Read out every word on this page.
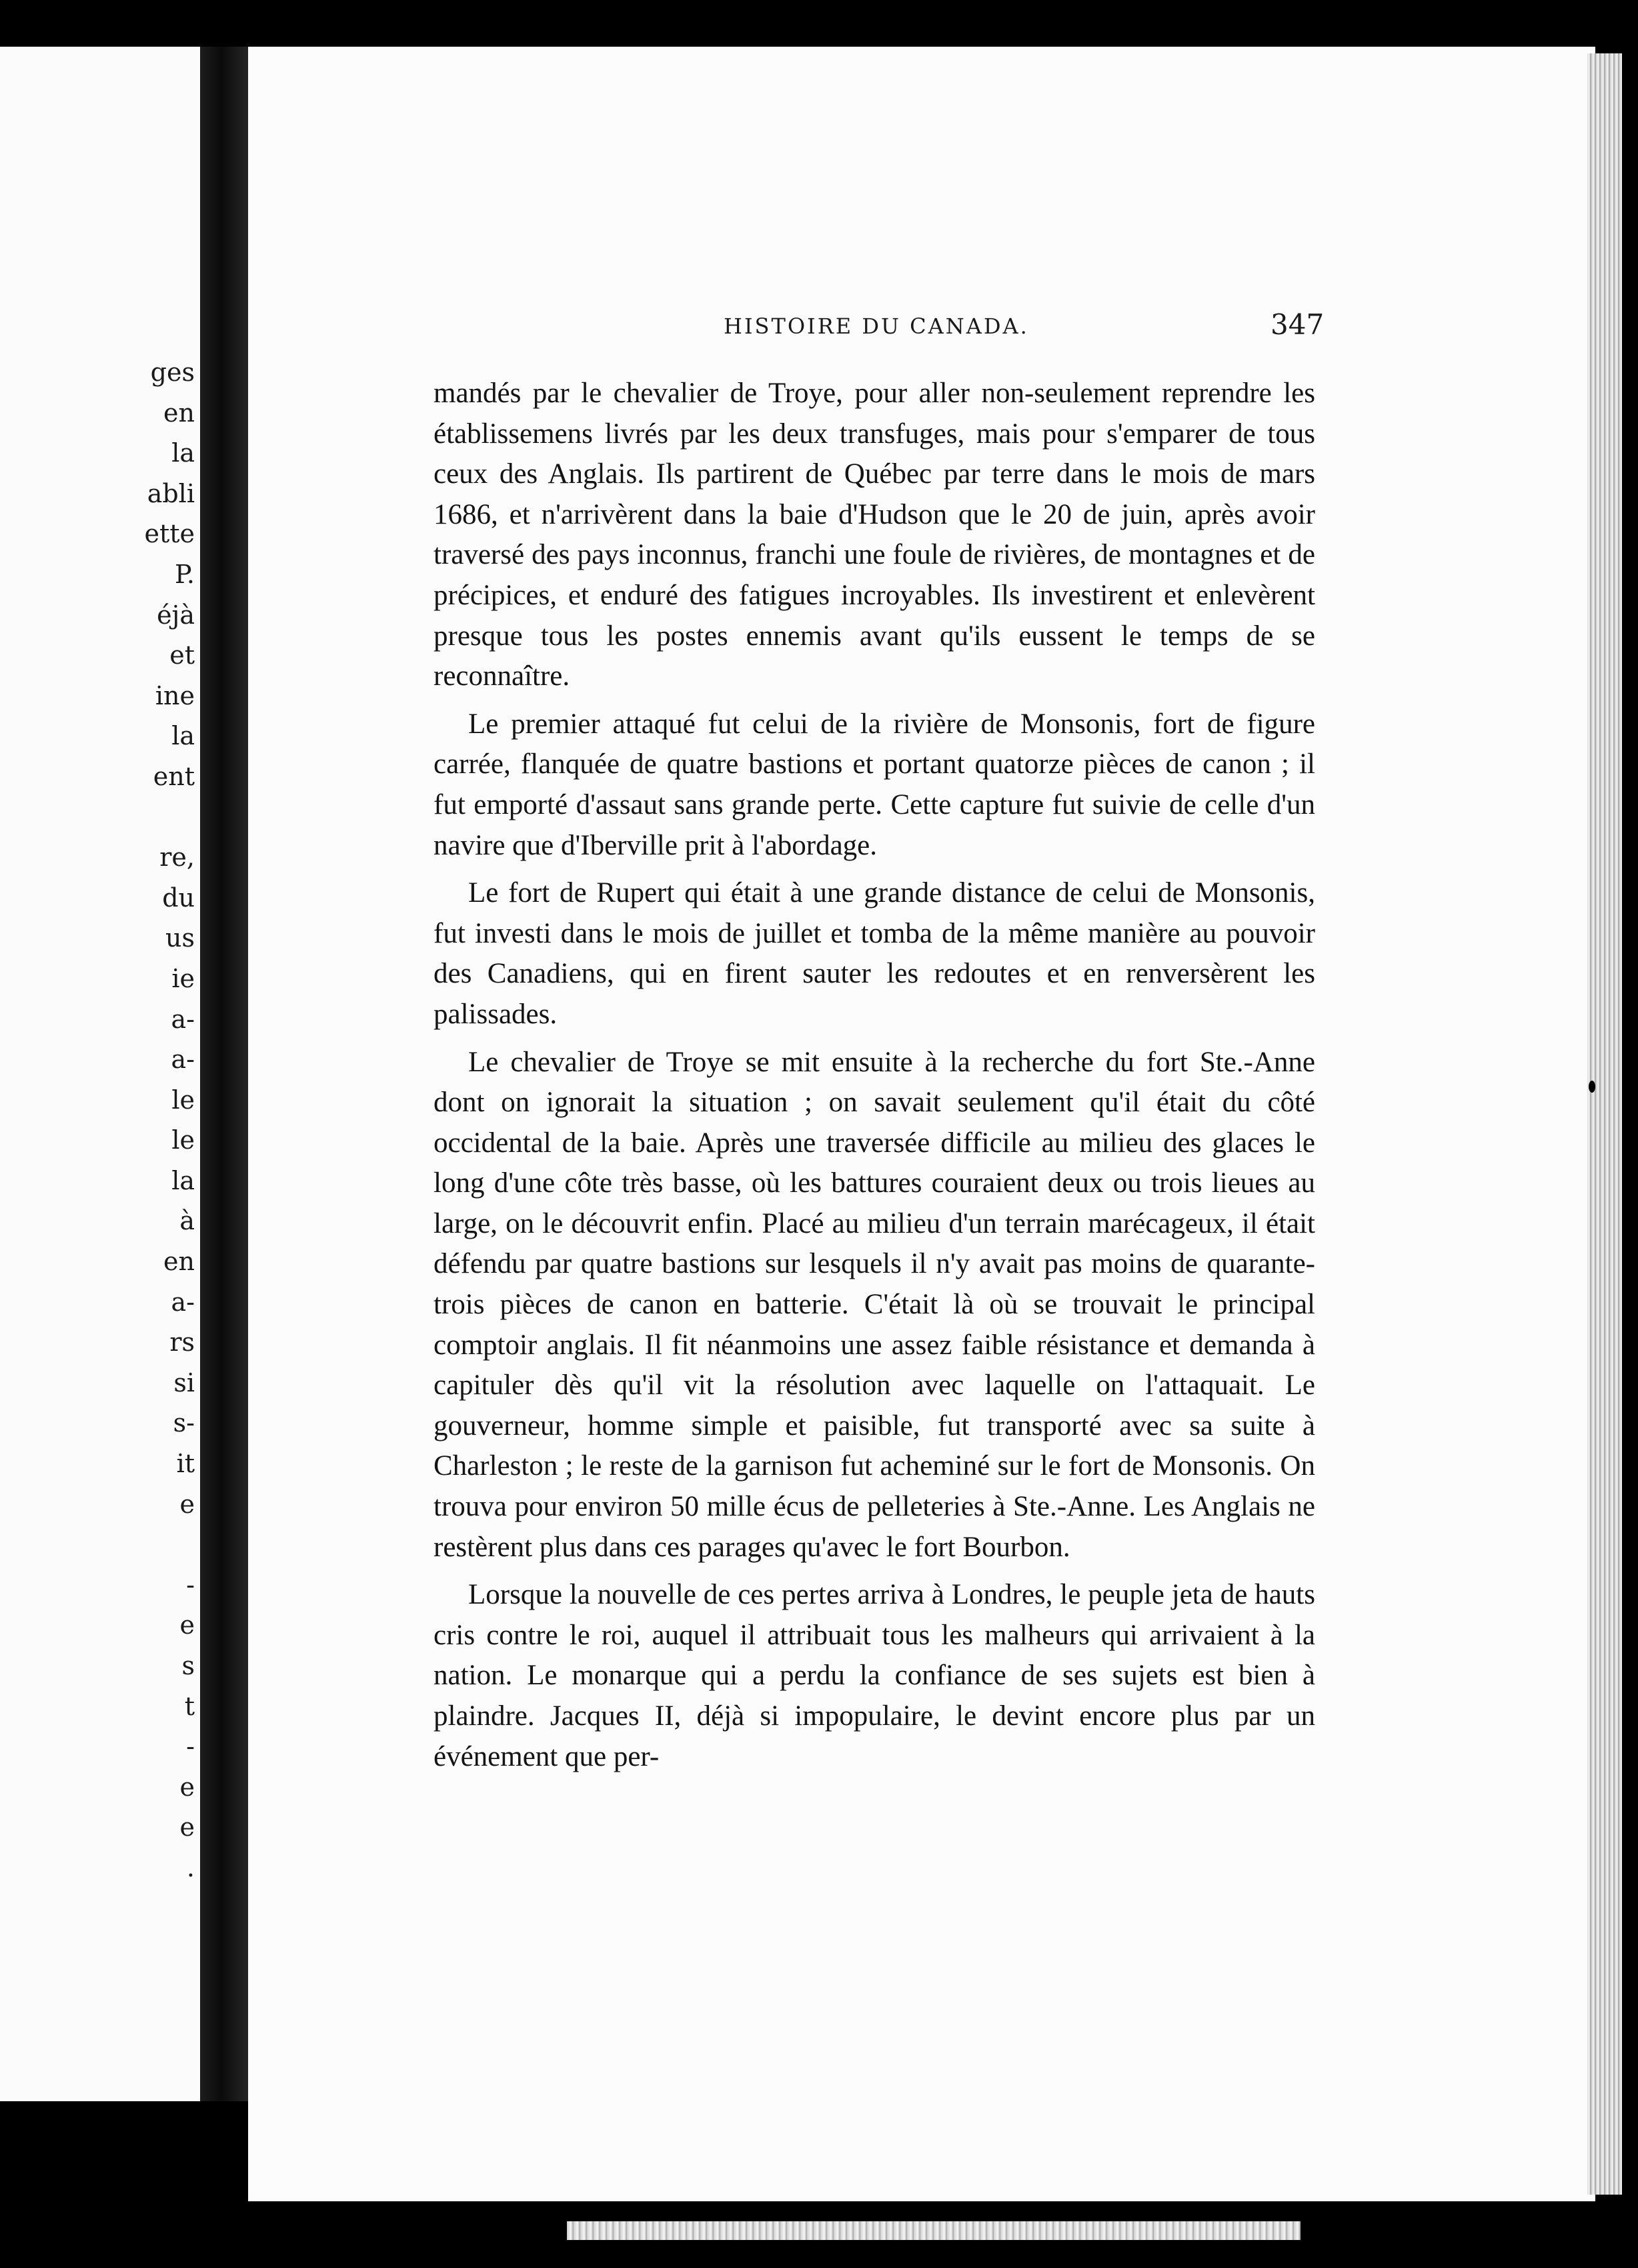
ges
en
la
abli
ette
P.
éjà
et
ine
la
ent
re,
du
us
ie
a-
a-
le
le
la
à
en
a-
rs
si
s-
it
e
-
e
s
t
-
e
e
.
HISTOIRE DU CANADA.	347

mandés par le chevalier de Troye, pour aller non-seulement reprendre les établissemens livrés par les deux transfuges, mais pour s'emparer de tous ceux des Anglais. Ils partirent de Québec par terre dans le mois de mars 1686, et n'arrivèrent dans la baie d'Hudson que le 20 de juin, après avoir traversé des pays inconnus, franchi une foule de rivières, de montagnes et de précipices, et enduré des fatigues incroyables. Ils investirent et enlevèrent presque tous les postes ennemis avant qu'ils eussent le temps de se reconnaître.

Le premier attaqué fut celui de la rivière de Monsonis, fort de figure carrée, flanquée de quatre bastions et portant quatorze pièces de canon ; il fut emporté d'assaut sans grande perte. Cette capture fut suivie de celle d'un navire que d'Iberville prit à l'abordage.

Le fort de Rupert qui était à une grande distance de celui de Monsonis, fut investi dans le mois de juillet et tomba de la même manière au pouvoir des Canadiens, qui en firent sauter les redoutes et en renversèrent les palissades.

Le chevalier de Troye se mit ensuite à la recherche du fort Ste.-Anne dont on ignorait la situation ; on savait seulement qu'il était du côté occidental de la baie. Après une traversée difficile au milieu des glaces le long d'une côte très basse, où les battures couraient deux ou trois lieues au large, on le découvrit enfin. Placé au milieu d'un terrain marécageux, il était défendu par quatre bastions sur lesquels il n'y avait pas moins de quarante-trois pièces de canon en batterie. C'était là où se trouvait le principal comptoir anglais. Il fit néanmoins une assez faible résistance et demanda à capituler dès qu'il vit la résolution avec laquelle on l'attaquait. Le gouverneur, homme simple et paisible, fut transporté avec sa suite à Charleston ; le reste de la garnison fut acheminé sur le fort de Monsonis. On trouva pour environ 50 mille écus de pelleteries à Ste.-Anne. Les Anglais ne restèrent plus dans ces parages qu'avec le fort Bourbon.

Lorsque la nouvelle de ces pertes arriva à Londres, le peuple jeta de hauts cris contre le roi, auquel il attribuait tous les malheurs qui arrivaient à la nation. Le monarque qui a perdu la confiance de ses sujets est bien à plaindre. Jacques II, déjà si impopulaire, le devint encore plus par un événement que per-
